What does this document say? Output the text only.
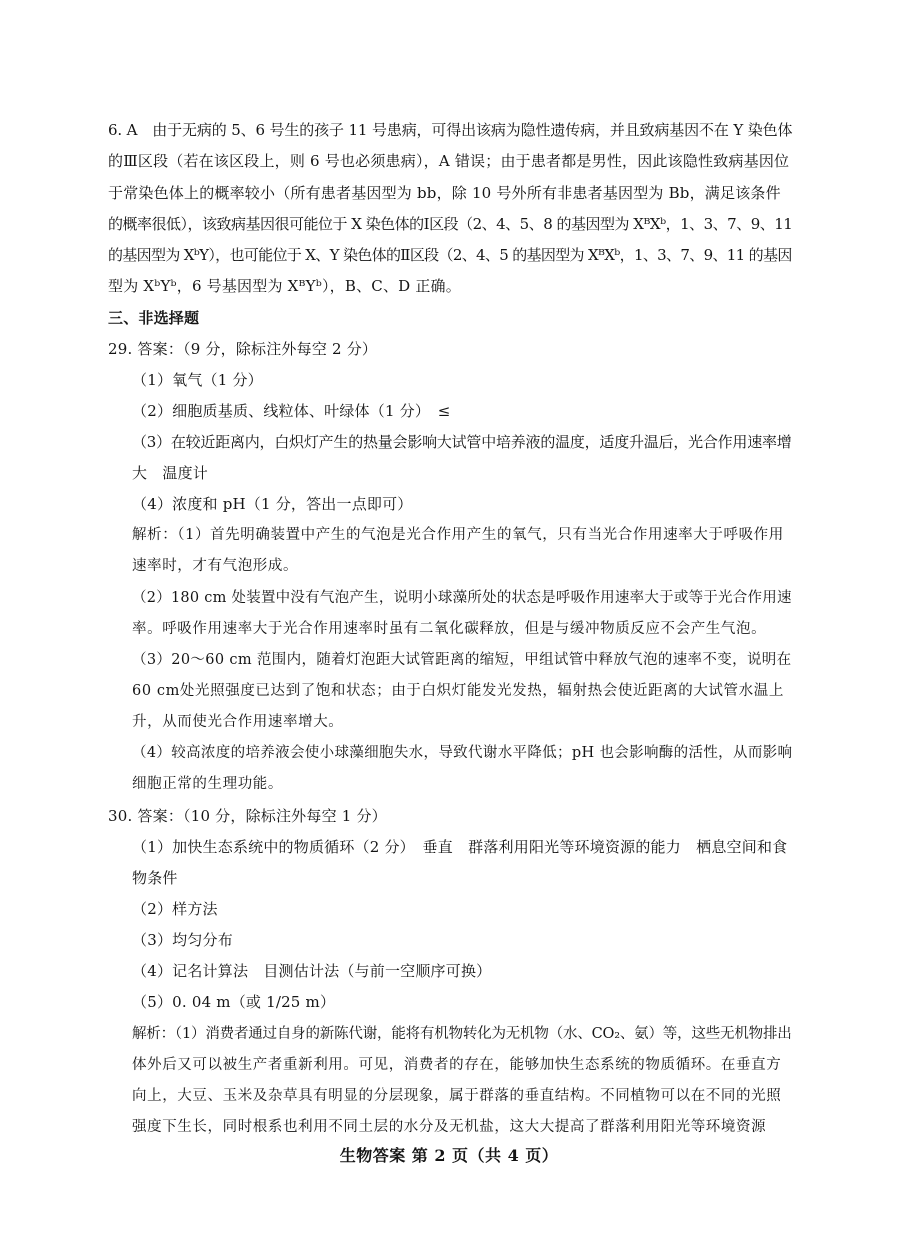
6. A　由于无病的 5、6 号生的孩子 11 号患病，可得出该病为隐性遗传病，并且致病基因不在 Y 染色体
的Ⅲ区段（若在该区段上，则 6 号也必须患病），A 错误；由于患者都是男性，因此该隐性致病基因位
于常染色体上的概率较小（所有患者基因型为 bb，除 10 号外所有非患者基因型为 Bb，满足该条件
的概率很低），该致病基因很可能位于 X 染色体的Ⅰ区段（2、4、5、8 的基因型为 XᴮXᵇ，1、3、7、9、11
的基因型为 XᵇY），也可能位于 X、Y 染色体的Ⅱ区段（2、4、5 的基因型为 XᴮXᵇ，1、3、7、9、11 的基因
型为 XᵇYᵇ，6 号基因型为 XᴮYᵇ），B、C、D 正确。
三、非选择题
29. 答案：（9 分，除标注外每空 2 分）
（1）氧气（1 分）
（2）细胞质基质、线粒体、叶绿体（1 分）　≤
（3）在较近距离内，白炽灯产生的热量会影响大试管中培养液的温度，适度升温后，光合作用速率增
大　温度计
（4）浓度和 pH（1 分，答出一点即可）
解析：（1）首先明确装置中产生的气泡是光合作用产生的氧气，只有当光合作用速率大于呼吸作用
速率时，才有气泡形成。
（2）180 cm 处装置中没有气泡产生，说明小球藻所处的状态是呼吸作用速率大于或等于光合作用速
率。呼吸作用速率大于光合作用速率时虽有二氧化碳释放，但是与缓冲物质反应不会产生气泡。
（3）20～60 cm 范围内，随着灯泡距大试管距离的缩短，甲组试管中释放气泡的速率不变，说明在
60 cm处光照强度已达到了饱和状态；由于白炽灯能发光发热，辐射热会使近距离的大试管水温上
升，从而使光合作用速率增大。
（4）较高浓度的培养液会使小球藻细胞失水，导致代谢水平降低；pH 也会影响酶的活性，从而影响
细胞正常的生理功能。
30. 答案：（10 分，除标注外每空 1 分）
（1）加快生态系统中的物质循环（2 分）　垂直　群落利用阳光等环境资源的能力　栖息空间和食
物条件
（2）样方法
（3）均匀分布
（4）记名计算法　目测估计法（与前一空顺序可换）
（5）0. 04 m（或 1/25 m）
解析：（1）消费者通过自身的新陈代谢，能将有机物转化为无机物（水、CO₂、氨）等，这些无机物排出
体外后又可以被生产者重新利用。可见，消费者的存在，能够加快生态系统的物质循环。在垂直方
向上，大豆、玉米及杂草具有明显的分层现象，属于群落的垂直结构。不同植物可以在不同的光照
强度下生长，同时根系也利用不同土层的水分及无机盐，这大大提高了群落利用阳光等环境资源
生物答案 第 2 页（共 4 页）
